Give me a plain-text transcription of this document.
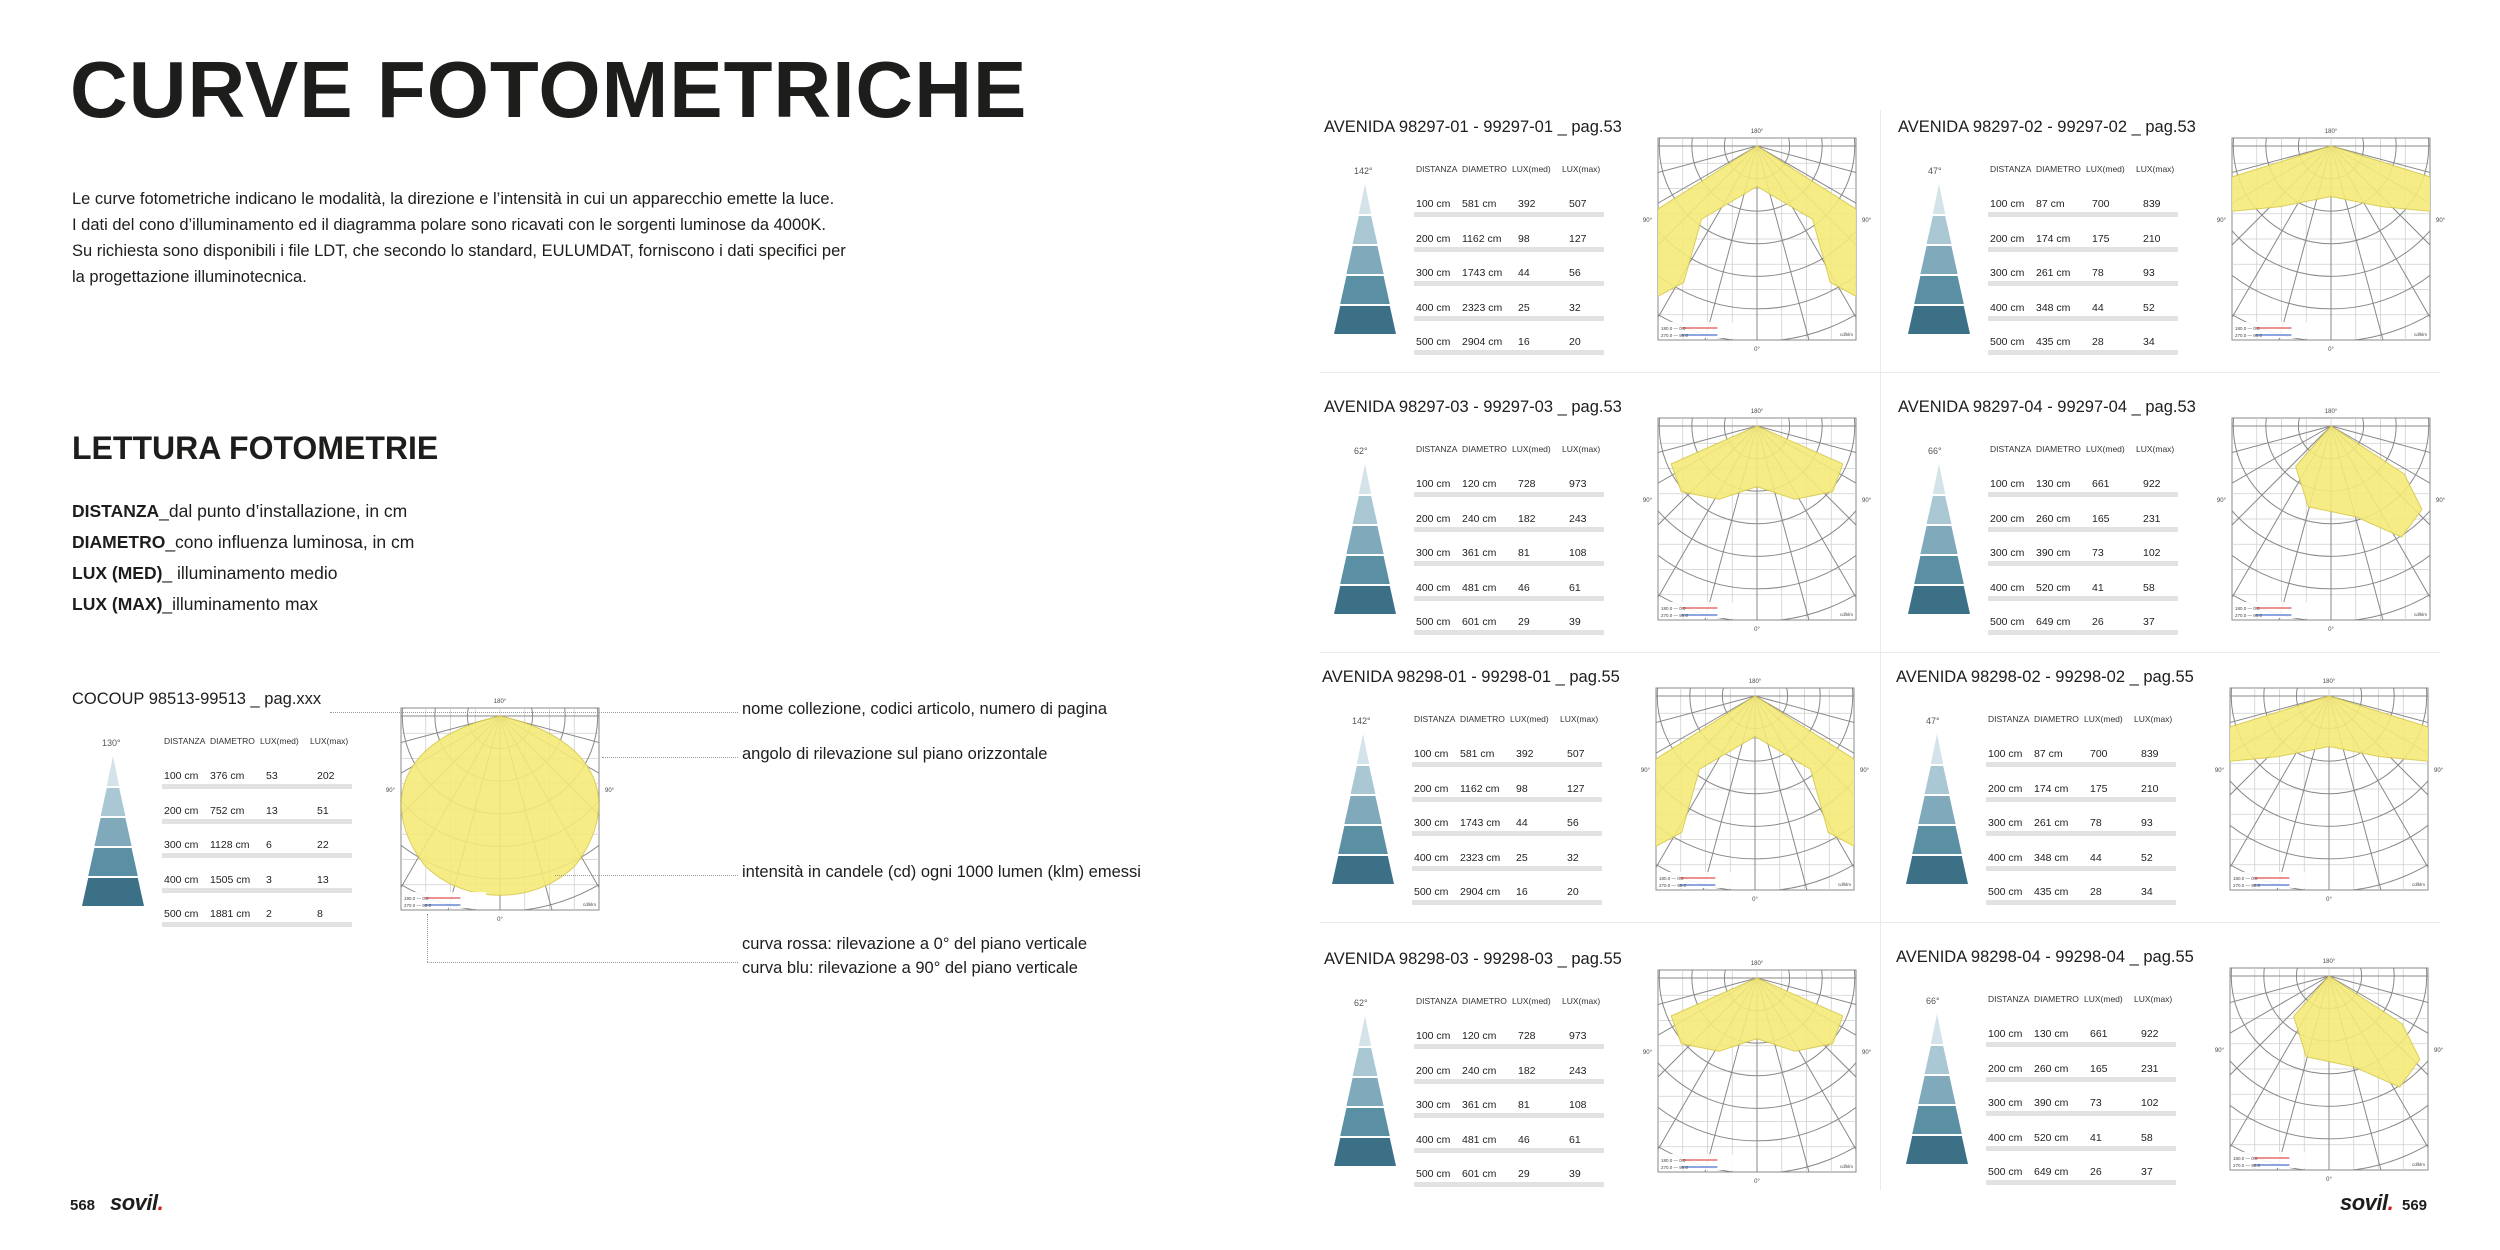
CURVE FOTOMETRICHE
Le curve fotometriche indicano le modalità, la direzione e l’intensità in cui un apparecchio emette la luce.
I dati del cono d’illuminamento ed il diagramma polare sono ricavati con le sorgenti luminose da 4000K.
Su richiesta sono disponibili i file LDT, che secondo lo standard, EULUMDAT, forniscono i dati specifici per
la progettazione illuminotecnica.
LETTURA FOTOMETRIE
DISTANZA_dal punto d’installazione, in cm
DIAMETRO_cono influenza luminosa, in cm
LUX (MED)_ illuminamento medio
LUX (MAX)_illuminamento max
COCOUP 98513-99513 _ pag.xxx
130°	DISTANZA DIAMETRO LUX(med) LUX(max)
100 cm 376 cm 53	202
200 cm 752 cm 13	51
300 cm 1128 cm 6	22
400 cm 1505 cm 3	13
500 cm 1881 cm 2	8
180°
0°
90°	90°
180.0 — 0.0
270.0 — 90.0	cd/klm
nome collezione, codici articolo, numero di pagina
angolo di rilevazione sul piano orizzontale
intensità in candele (cd) ogni 1000 lumen (klm) emessi
curva rossa: rilevazione a 0° del piano verticale
curva blu: rilevazione a 90° del piano verticale
AVENIDA 98297-01 - 99297-01 _ pag.53
142°	DISTANZA DIAMETRO LUX(med) LUX(max)
100 cm 581 cm 392	507
200 cm 1162 cm 98	127
300 cm 1743 cm 44	56
400 cm 2323 cm 25	32
500 cm 2904 cm 16	20
180°
0°
90°	90°
180.0 — 0.0
270.0 — 90.0	cd/klm
AVENIDA 98297-02 - 99297-02 _ pag.53
47°	DISTANZA DIAMETRO LUX(med) LUX(max)
100 cm 87 cm	700	839
200 cm 174 cm 175	210
300 cm 261 cm 78	93
400 cm 348 cm 44	52
500 cm 435 cm 28	34
180°
0°
90°	90°
180.0 — 0.0
270.0 — 90.0	cd/klm
AVENIDA 98297-03 - 99297-03 _ pag.53
62°	DISTANZA DIAMETRO LUX(med) LUX(max)
100 cm 120 cm 728	973
200 cm 240 cm 182	243
300 cm 361 cm 81	108
400 cm 481 cm 46	61
500 cm 601 cm 29	39
180°
0°
90°	90°
180.0 — 0.0
270.0 — 90.0	cd/klm
AVENIDA 98297-04 - 99297-04 _ pag.53
66°	DISTANZA DIAMETRO LUX(med) LUX(max)
100 cm 130 cm 661	922
200 cm 260 cm 165	231
300 cm 390 cm 73	102
400 cm 520 cm 41	58
500 cm 649 cm 26	37
180°
0°
90°	90°
180.0 — 0.0
270.0 — 90.0	cd/klm
AVENIDA 98298-01 - 99298-01 _ pag.55
142°	DISTANZA DIAMETRO LUX(med) LUX(max)
100 cm 581 cm 392	507
200 cm 1162 cm 98	127
300 cm 1743 cm 44	56
400 cm 2323 cm 25	32
500 cm 2904 cm 16	20
180°
0°
90°	90°
180.0 — 0.0
270.0 — 90.0	cd/klm
AVENIDA 98298-02 - 99298-02 _ pag.55
47°	DISTANZA DIAMETRO LUX(med) LUX(max)
100 cm 87 cm	700	839
200 cm 174 cm 175	210
300 cm 261 cm 78	93
400 cm 348 cm 44	52
500 cm 435 cm 28	34
180°
0°
90°	90°
180.0 — 0.0
270.0 — 90.0	cd/klm
AVENIDA 98298-03 - 99298-03 _ pag.55
62°	DISTANZA DIAMETRO LUX(med) LUX(max)
100 cm 120 cm 728	973
200 cm 240 cm 182	243
300 cm 361 cm 81	108
400 cm 481 cm 46	61
500 cm 601 cm 29	39
180°
0°
90°	90°
180.0 — 0.0
270.0 — 90.0	cd/klm
AVENIDA 98298-04 - 99298-04 _ pag.55
66°	DISTANZA DIAMETRO LUX(med) LUX(max)
100 cm 130 cm 661	922
200 cm 260 cm 165	231
300 cm 390 cm 73	102
400 cm 520 cm 41	58
500 cm 649 cm 26	37
180°
0°
90°	90°
180.0 — 0.0
270.0 — 90.0	cd/klm
568 sovil.	sovil. 569
